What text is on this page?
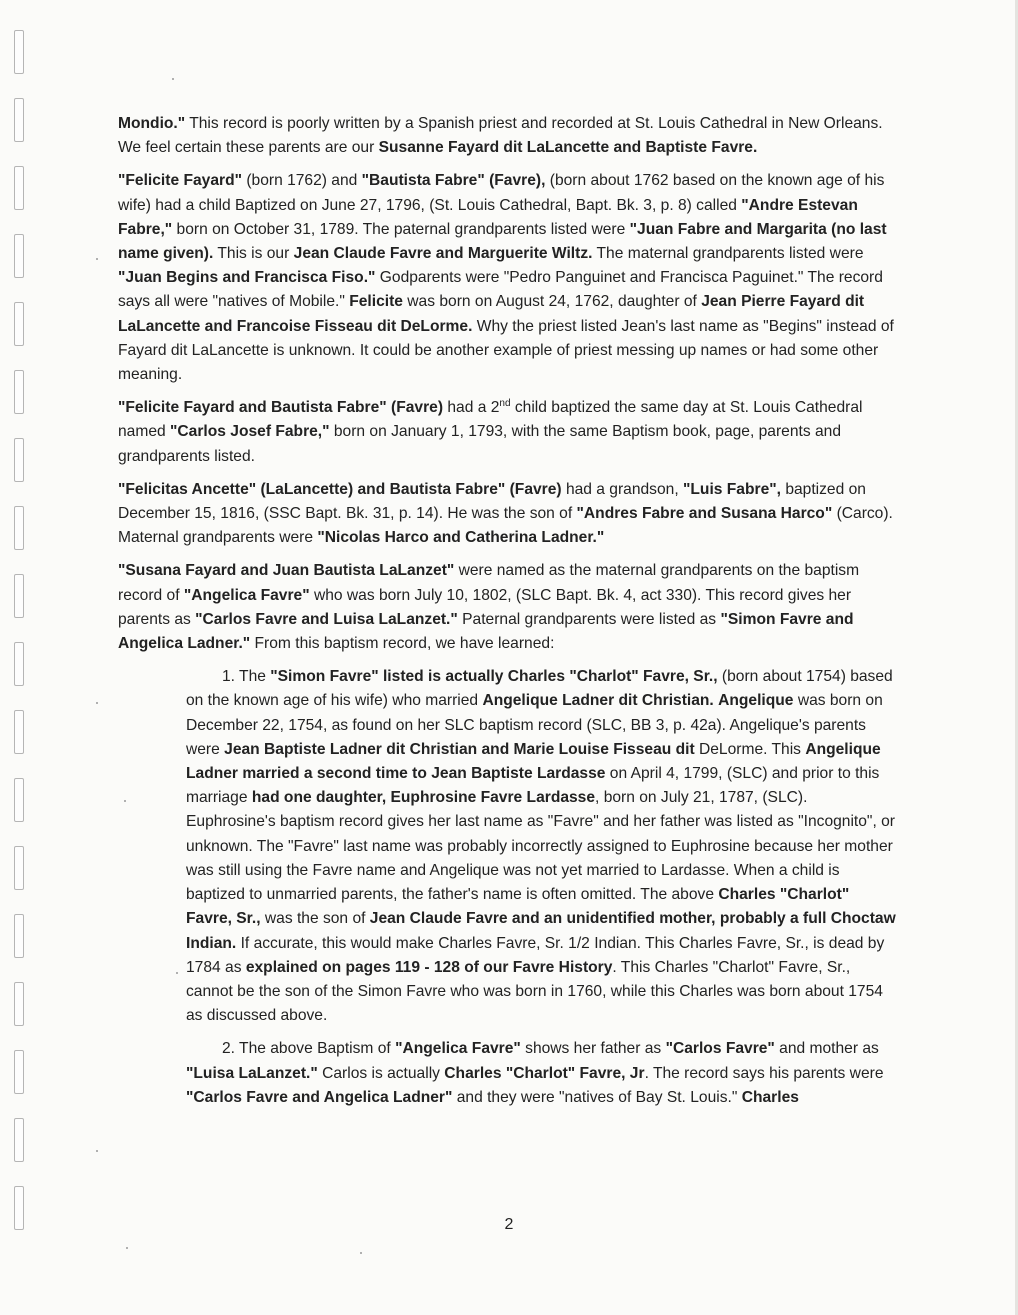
Mondio." This record is poorly written by a Spanish priest and recorded at St. Louis Cathedral in New Orleans. We feel certain these parents are our Susanne Fayard dit LaLancette and Baptiste Favre.

"Felicite Fayard" (born 1762) and "Bautista Fabre" (Favre), (born about 1762 based on the known age of his wife) had a child Baptized on June 27, 1796, (St. Louis Cathedral, Bapt. Bk. 3, p. 8) called "Andre Estevan Fabre," born on October 31, 1789. The paternal grandparents listed were "Juan Fabre and Margarita (no last name given). This is our Jean Claude Favre and Marguerite Wiltz. The maternal grandparents listed were "Juan Begins and Francisca Fiso." Godparents were "Pedro Panguinet and Francisca Paguinet." The record says all were "natives of Mobile." Felicite was born on August 24, 1762, daughter of Jean Pierre Fayard dit LaLancette and Francoise Fisseau dit DeLorme. Why the priest listed Jean's last name as "Begins" instead of Fayard dit LaLancette is unknown. It could be another example of priest messing up names or had some other meaning.

"Felicite Fayard and Bautista Fabre" (Favre) had a 2nd child baptized the same day at St. Louis Cathedral named "Carlos Josef Fabre," born on January 1, 1793, with the same Baptism book, page, parents and grandparents listed.

"Felicitas Ancette" (LaLancette) and Bautista Fabre" (Favre) had a grandson, "Luis Fabre", baptized on December 15, 1816, (SSC Bapt. Bk. 31, p. 14). He was the son of "Andres Fabre and Susana Harco" (Carco). Maternal grandparents were "Nicolas Harco and Catherina Ladner."

"Susana Fayard and Juan Bautista LaLanzet" were named as the maternal grandparents on the baptism record of "Angelica Favre" who was born July 10, 1802, (SLC Bapt. Bk. 4, act 330). This record gives her parents as "Carlos Favre and Luisa LaLanzet." Paternal grandparents were listed as "Simon Favre and Angelica Ladner." From this baptism record, we have learned:

1. The "Simon Favre" listed is actually Charles "Charlot" Favre, Sr., (born about 1754) based on the known age of his wife) who married Angelique Ladner dit Christian. Angelique was born on December 22, 1754, as found on her SLC baptism record (SLC, BB 3, p. 42a). Angelique's parents were Jean Baptiste Ladner dit Christian and Marie Louise Fisseau dit DeLorme. This Angelique Ladner married a second time to Jean Baptiste Lardasse on April 4, 1799, (SLC) and prior to this marriage had one daughter, Euphrosine Favre Lardasse, born on July 21, 1787, (SLC). Euphrosine's baptism record gives her last name as "Favre" and her father was listed as "Incognito", or unknown. The "Favre" last name was probably incorrectly assigned to Euphrosine because her mother was still using the Favre name and Angelique was not yet married to Lardasse. When a child is baptized to unmarried parents, the father's name is often omitted. The above Charles "Charlot" Favre, Sr., was the son of Jean Claude Favre and an unidentified mother, probably a full Choctaw Indian. If accurate, this would make Charles Favre, Sr. 1/2 Indian. This Charles Favre, Sr., is dead by 1784 as explained on pages 119 - 128 of our Favre History. This Charles "Charlot" Favre, Sr., cannot be the son of the Simon Favre who was born in 1760, while this Charles was born about 1754 as discussed above.
2. The above Baptism of "Angelica Favre" shows her father as "Carlos Favre" and mother as "Luisa LaLanzet." Carlos is actually Charles "Charlot" Favre, Jr. The record says his parents were "Carlos Favre and Angelica Ladner" and they were "natives of Bay St. Louis." Charles
2
